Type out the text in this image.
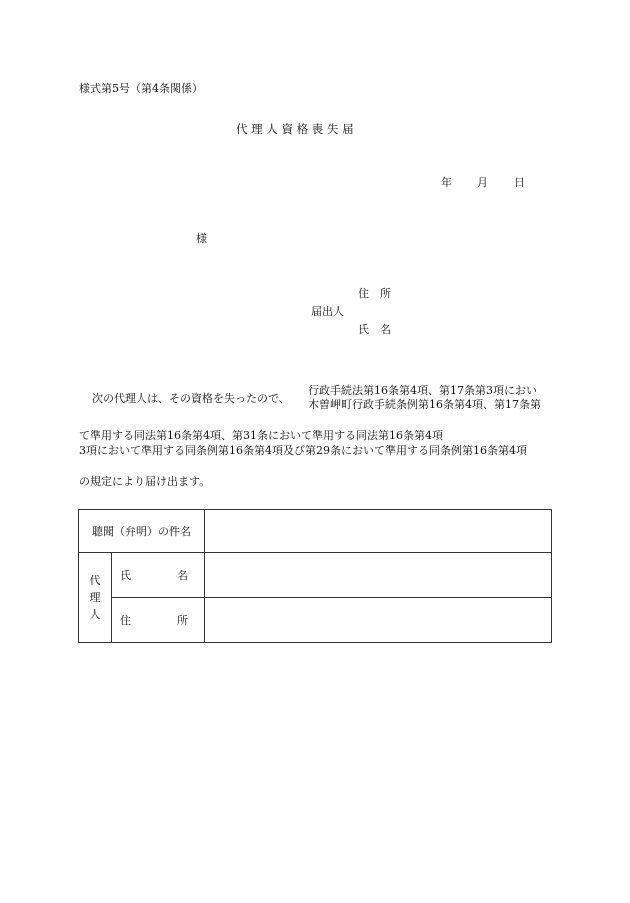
様式第5号（第4条関係）
代 理 人 資 格 喪 失 届
年 月 日
様
住　所
届出人
氏　名
次の代理人は、その資格を失ったので、
行政手続法第16条第4項、第17条第3項におい
木曽岬町行政手続条例第16条第4項、第17条第
て準用する同法第16条第4項、第31条において準用する同法第16条第4項
3項において準用する同条例第16条第4項及び第29条において準用する同条例第16条第4項
の規定により届け出ます。
聴聞（弁明）の件名		
代理人	氏名	
	住所	
